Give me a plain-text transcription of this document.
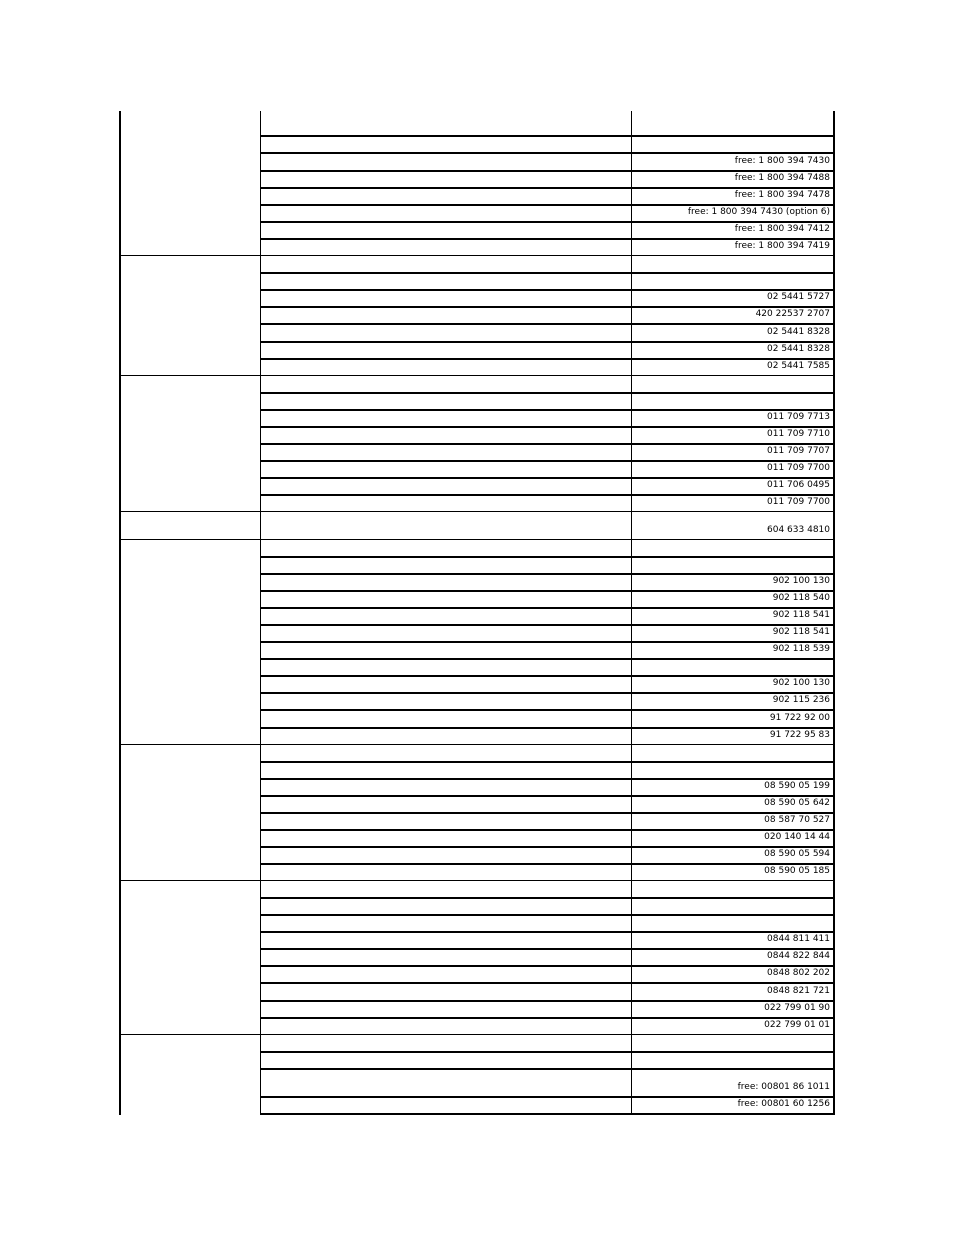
free: 1 800 394 7430
free: 1 800 394 7488
free: 1 800 394 7478
free: 1 800 394 7430 (option 6)
free: 1 800 394 7412
free: 1 800 394 7419
02 5441 5727
420 22537 2707
02 5441 8328
02 5441 8328
02 5441 7585
011 709 7713
011 709 7710
011 709 7707
011 709 7700
011 706 0495
011 709 7700
604 633 4810
902 100 130
902 118 540
902 118 541
902 118 541
902 118 539
902 100 130
902 115 236
91 722 92 00
91 722 95 83
08 590 05 199
08 590 05 642
08 587 70 527
020 140 14 44
08 590 05 594
08 590 05 185
0844 811 411
0844 822 844
0848 802 202
0848 821 721
022 799 01 90
022 799 01 01
free: 00801 86 1011
free: 00801 60 1256
